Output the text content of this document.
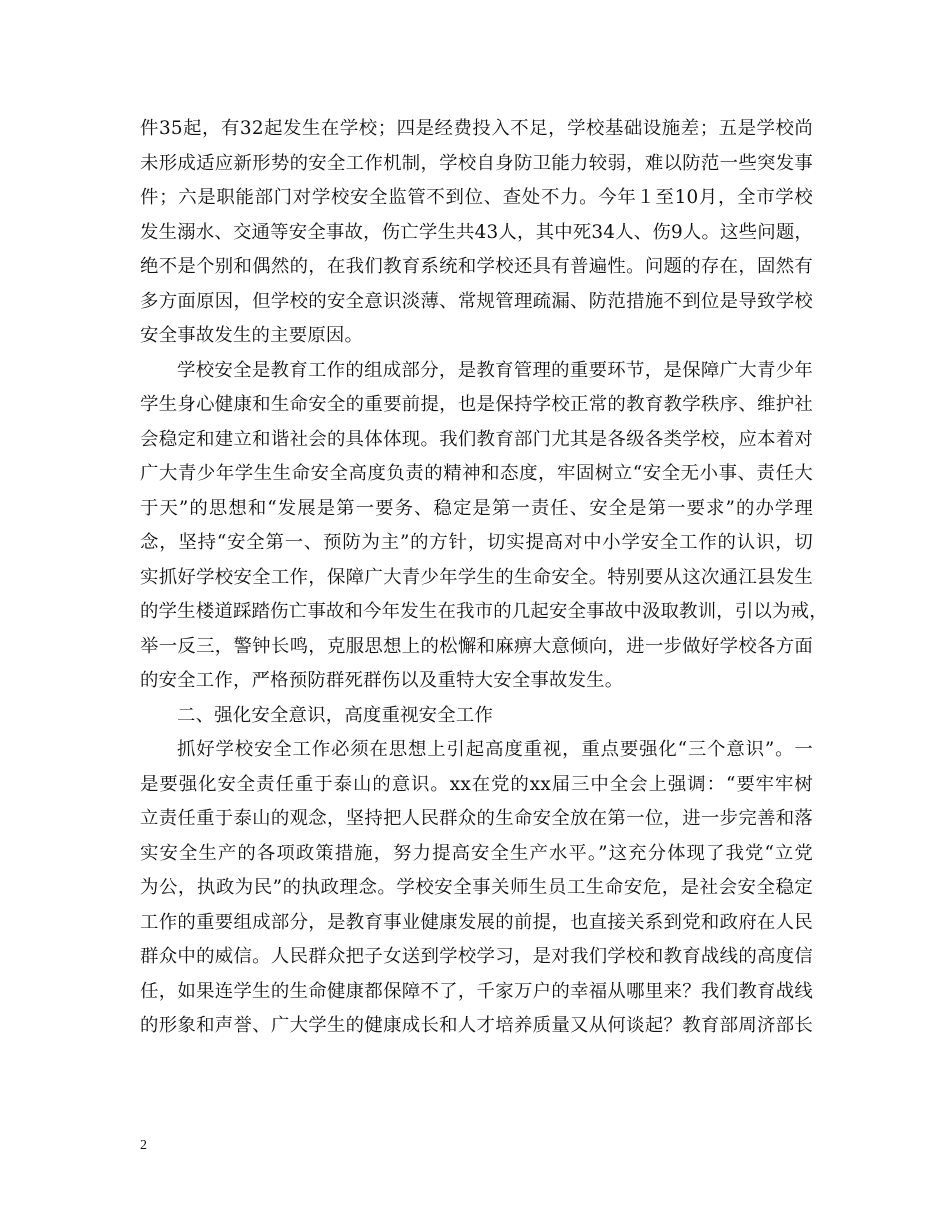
件35起，有32起发生在学校；四是经费投入不足，学校基础设施差；五是学校尚
未形成适应新形势的安全工作机制，学校自身防卫能力较弱，难以防范一些突发事
件；六是职能部门对学校安全监管不到位、查处不力。今年１至10月，全市学校
发生溺水、交通等安全事故，伤亡学生共43人，其中死34人、伤9人。这些问题，
绝不是个别和偶然的，在我们教育系统和学校还具有普遍性。问题的存在，固然有
多方面原因，但学校的安全意识淡薄、常规管理疏漏、防范措施不到位是导致学校
安全事故发生的主要原因。
学校安全是教育工作的组成部分，是教育管理的重要环节，是保障广大青少年
学生身心健康和生命安全的重要前提，也是保持学校正常的教育教学秩序、维护社
会稳定和建立和谐社会的具体体现。我们教育部门尤其是各级各类学校，应本着对
广大青少年学生生命安全高度负责的精神和态度，牢固树立“安全无小事、责任大
于天”的思想和“发展是第一要务、稳定是第一责任、安全是第一要求”的办学理
念，坚持“安全第一、预防为主”的方针，切实提高对中小学安全工作的认识，切
实抓好学校安全工作，保障广大青少年学生的生命安全。特别要从这次通江县发生
的学生楼道踩踏伤亡事故和今年发生在我市的几起安全事故中汲取教训，引以为戒，
举一反三，警钟长鸣，克服思想上的松懈和麻痹大意倾向，进一步做好学校各方面
的安全工作，严格预防群死群伤以及重特大安全事故发生。
二、强化安全意识，高度重视安全工作
抓好学校安全工作必须在思想上引起高度重视，重点要强化“三个意识”。一
是要强化安全责任重于泰山的意识。xx在党的xx届三中全会上强调：“要牢牢树
立责任重于泰山的观念，坚持把人民群众的生命安全放在第一位，进一步完善和落
实安全生产的各项政策措施，努力提高安全生产水平。”这充分体现了我党“立党
为公，执政为民”的执政理念。学校安全事关师生员工生命安危，是社会安全稳定
工作的重要组成部分，是教育事业健康发展的前提，也直接关系到党和政府在人民
群众中的威信。人民群众把子女送到学校学习，是对我们学校和教育战线的高度信
任，如果连学生的生命健康都保障不了，千家万户的幸福从哪里来？我们教育战线
的形象和声誉、广大学生的健康成长和人才培养质量又从何谈起？教育部周济部长
2
